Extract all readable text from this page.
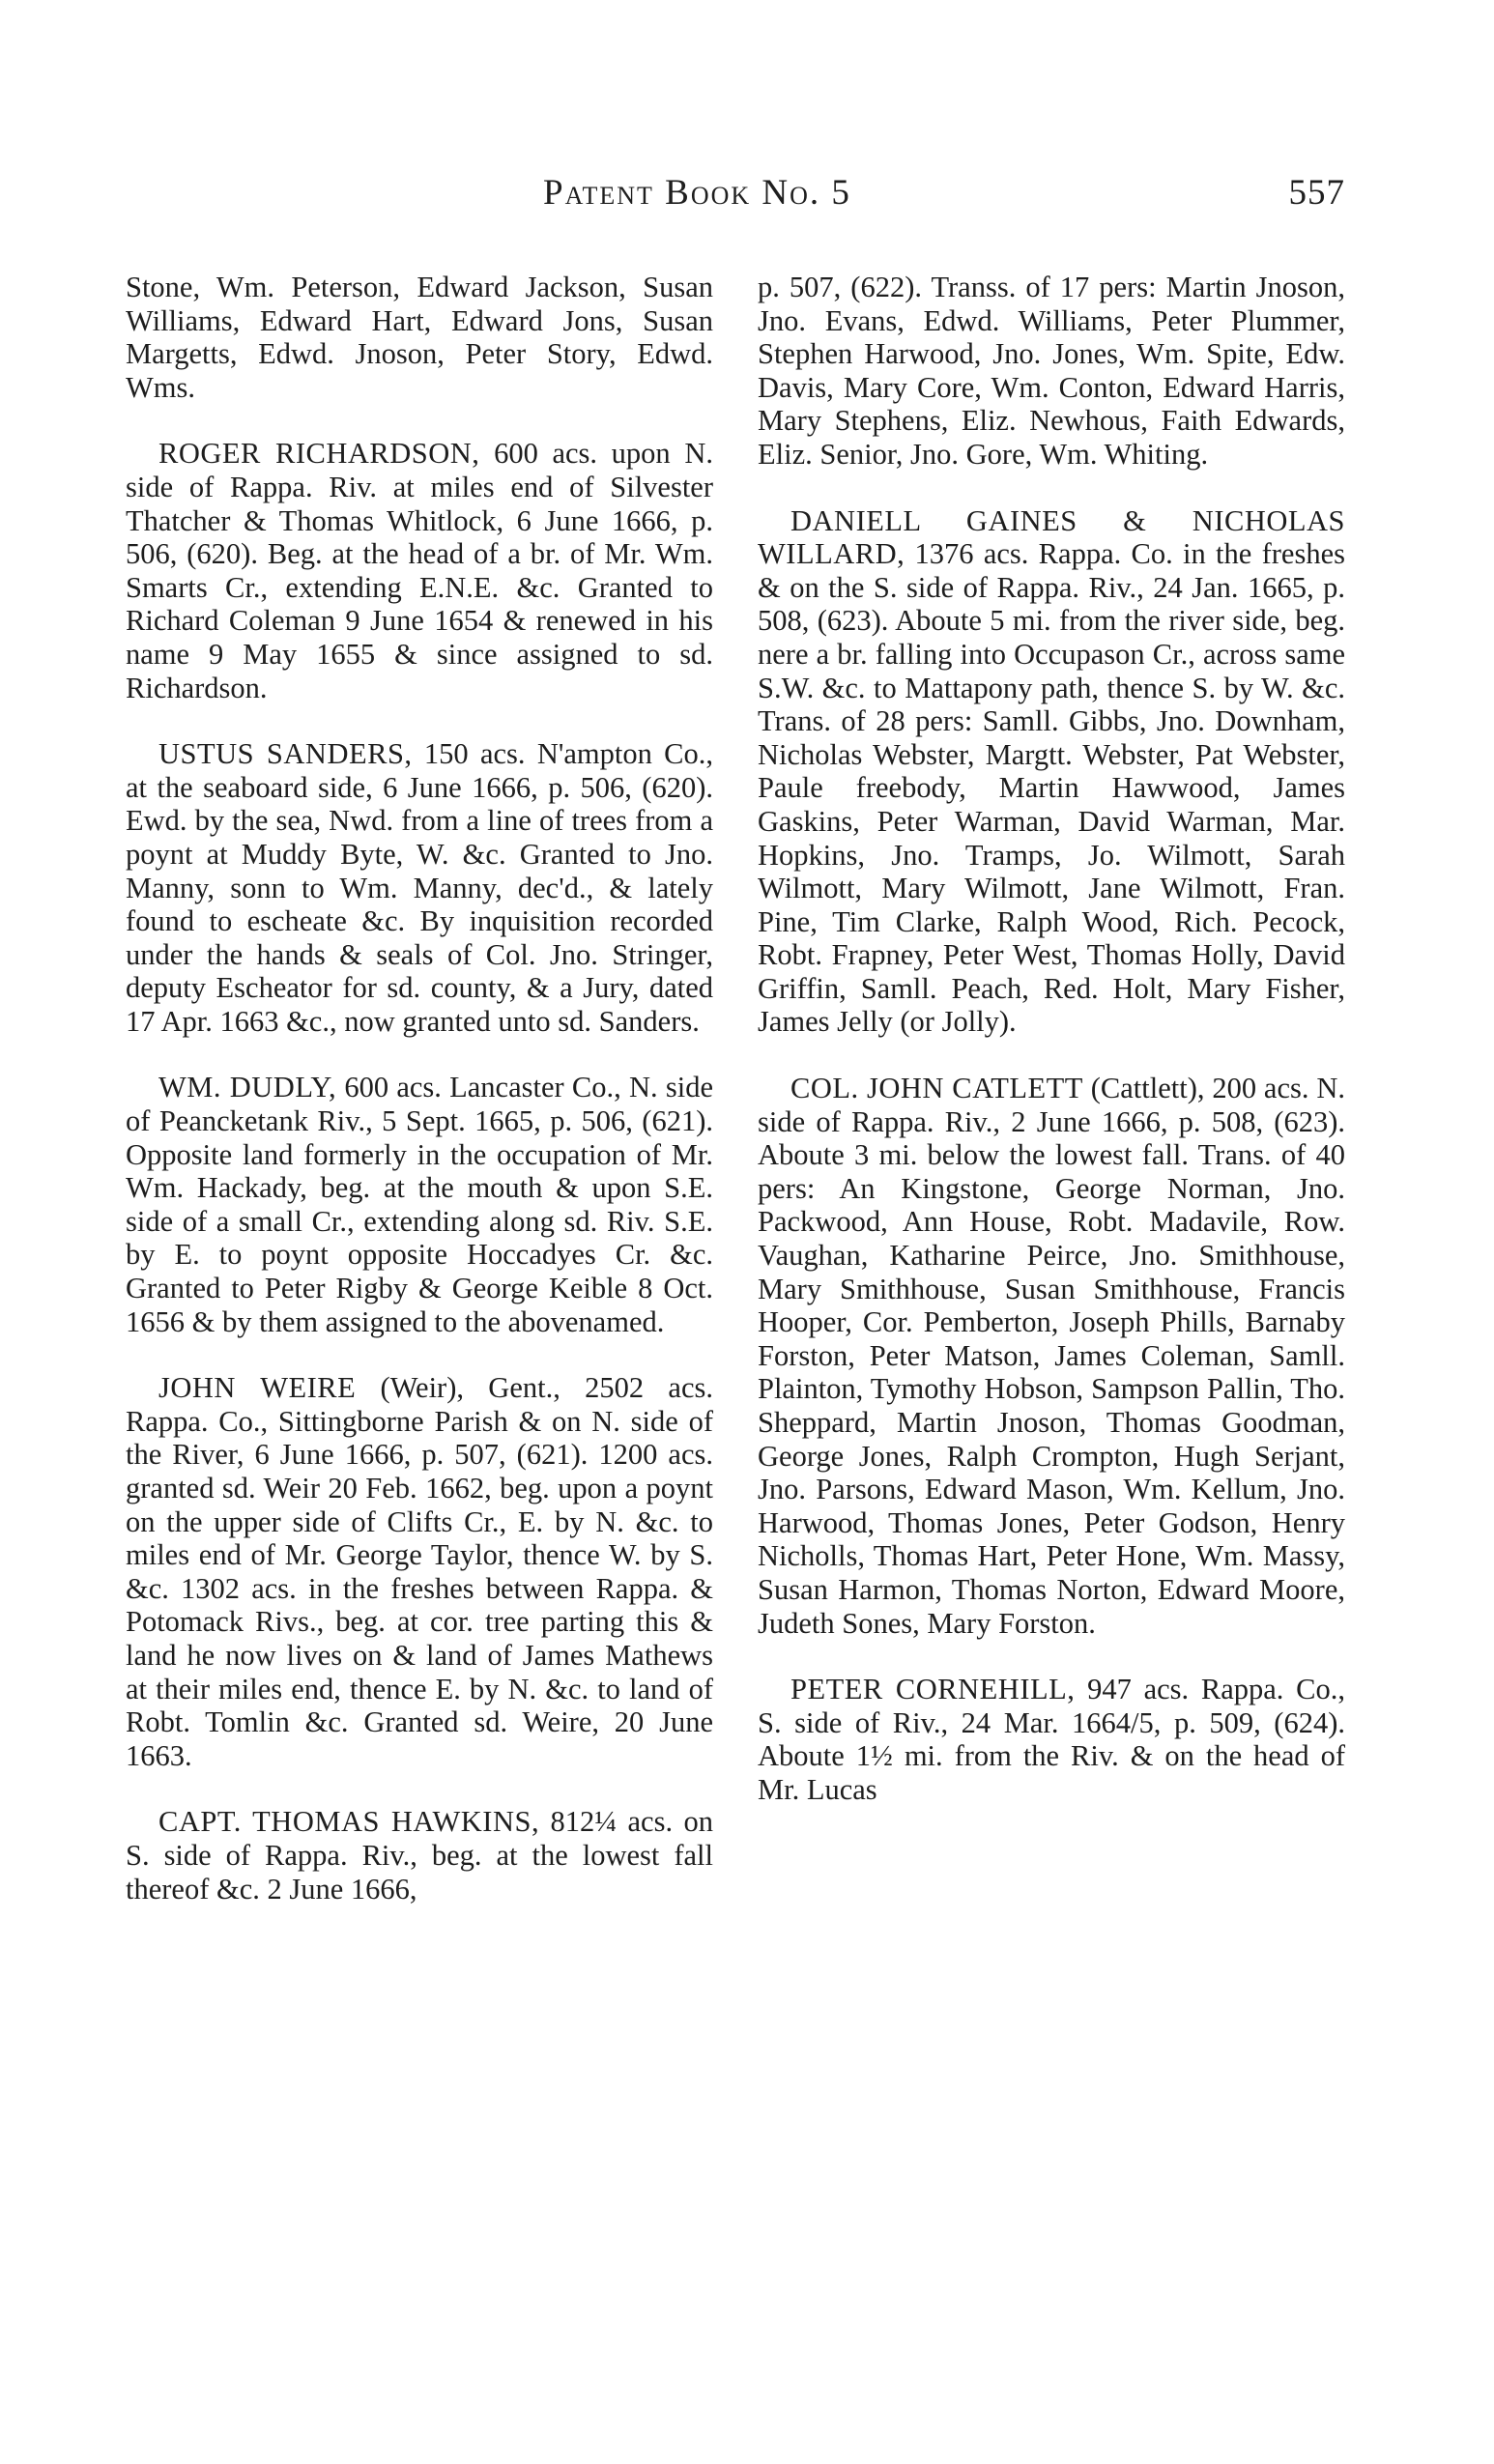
Patent Book No. 5	557

Stone, Wm. Peterson, Edward Jackson, Susan Williams, Edward Hart, Edward Jons, Susan Margetts, Edwd. Jnoson, Peter Story, Edwd. Wms.

ROGER RICHARDSON, 600 acs. upon N. side of Rappa. Riv. at miles end of Silvester Thatcher & Thomas Whitlock, 6 June 1666, p. 506, (620). Beg. at the head of a br. of Mr. Wm. Smarts Cr., extending E.N.E. &c. Granted to Richard Coleman 9 June 1654 & renewed in his name 9 May 1655 & since assigned to sd. Richardson.

USTUS SANDERS, 150 acs. N'ampton Co., at the seaboard side, 6 June 1666, p. 506, (620). Ewd. by the sea, Nwd. from a line of trees from a poynt at Muddy Byte, W. &c. Granted to Jno. Manny, sonn to Wm. Manny, dec'd., & lately found to escheate &c. By inquisition recorded under the hands & seals of Col. Jno. Stringer, deputy Escheator for sd. county, & a Jury, dated 17 Apr. 1663 &c., now granted unto sd. Sanders.

WM. DUDLY, 600 acs. Lancaster Co., N. side of Peancketank Riv., 5 Sept. 1665, p. 506, (621). Opposite land formerly in the occupation of Mr. Wm. Hackady, beg. at the mouth & upon S.E. side of a small Cr., extending along sd. Riv. S.E. by E. to poynt opposite Hoccadyes Cr. &c. Granted to Peter Rigby & George Keible 8 Oct. 1656 & by them assigned to the abovenamed.

JOHN WEIRE (Weir), Gent., 2502 acs. Rappa. Co., Sittingborne Parish & on N. side of the River, 6 June 1666, p. 507, (621). 1200 acs. granted sd. Weir 20 Feb. 1662, beg. upon a poynt on the upper side of Clifts Cr., E. by N. &c. to miles end of Mr. George Taylor, thence W. by S. &c. 1302 acs. in the freshes between Rappa. & Potomack Rivs., beg. at cor. tree parting this & land he now lives on & land of James Mathews at their miles end, thence E. by N. &c. to land of Robt. Tomlin &c. Granted sd. Weire, 20 June 1663.

CAPT. THOMAS HAWKINS, 812¼ acs. on S. side of Rappa. Riv., beg. at the lowest fall thereof &c. 2 June 1666,

p. 507, (622). Transs. of 17 pers: Martin Jnoson, Jno. Evans, Edwd. Williams, Peter Plummer, Stephen Harwood, Jno. Jones, Wm. Spite, Edw. Davis, Mary Core, Wm. Conton, Edward Harris, Mary Stephens, Eliz. Newhous, Faith Edwards, Eliz. Senior, Jno. Gore, Wm. Whiting.

DANIELL GAINES & NICHOLAS WILLARD, 1376 acs. Rappa. Co. in the freshes & on the S. side of Rappa. Riv., 24 Jan. 1665, p. 508, (623). Aboute 5 mi. from the river side, beg. nere a br. falling into Occupason Cr., across same S.W. &c. to Mattapony path, thence S. by W. &c. Trans. of 28 pers: Samll. Gibbs, Jno. Downham, Nicholas Webster, Margtt. Webster, Pat Webster, Paule freebody, Martin Hawwood, James Gaskins, Peter Warman, David Warman, Mar. Hopkins, Jno. Tramps, Jo. Wilmott, Sarah Wilmott, Mary Wilmott, Jane Wilmott, Fran. Pine, Tim Clarke, Ralph Wood, Rich. Pecock, Robt. Frapney, Peter West, Thomas Holly, David Griffin, Samll. Peach, Red. Holt, Mary Fisher, James Jelly (or Jolly).

COL. JOHN CATLETT (Cattlett), 200 acs. N. side of Rappa. Riv., 2 June 1666, p. 508, (623). Aboute 3 mi. below the lowest fall. Trans. of 40 pers: An Kingstone, George Norman, Jno. Packwood, Ann House, Robt. Madavile, Row. Vaughan, Katharine Peirce, Jno. Smithhouse, Mary Smithhouse, Susan Smithhouse, Francis Hooper, Cor. Pemberton, Joseph Phills, Barnaby Forston, Peter Matson, James Coleman, Samll. Plainton, Tymothy Hobson, Sampson Pallin, Tho. Sheppard, Martin Jnoson, Thomas Goodman, George Jones, Ralph Crompton, Hugh Serjant, Jno. Parsons, Edward Mason, Wm. Kellum, Jno. Harwood, Thomas Jones, Peter Godson, Henry Nicholls, Thomas Hart, Peter Hone, Wm. Massy, Susan Harmon, Thomas Norton, Edward Moore, Judeth Sones, Mary Forston.

PETER CORNEHILL, 947 acs. Rappa. Co., S. side of Riv., 24 Mar. 1664/5, p. 509, (624). Aboute 1½ mi. from the Riv. & on the head of Mr. Lucas
